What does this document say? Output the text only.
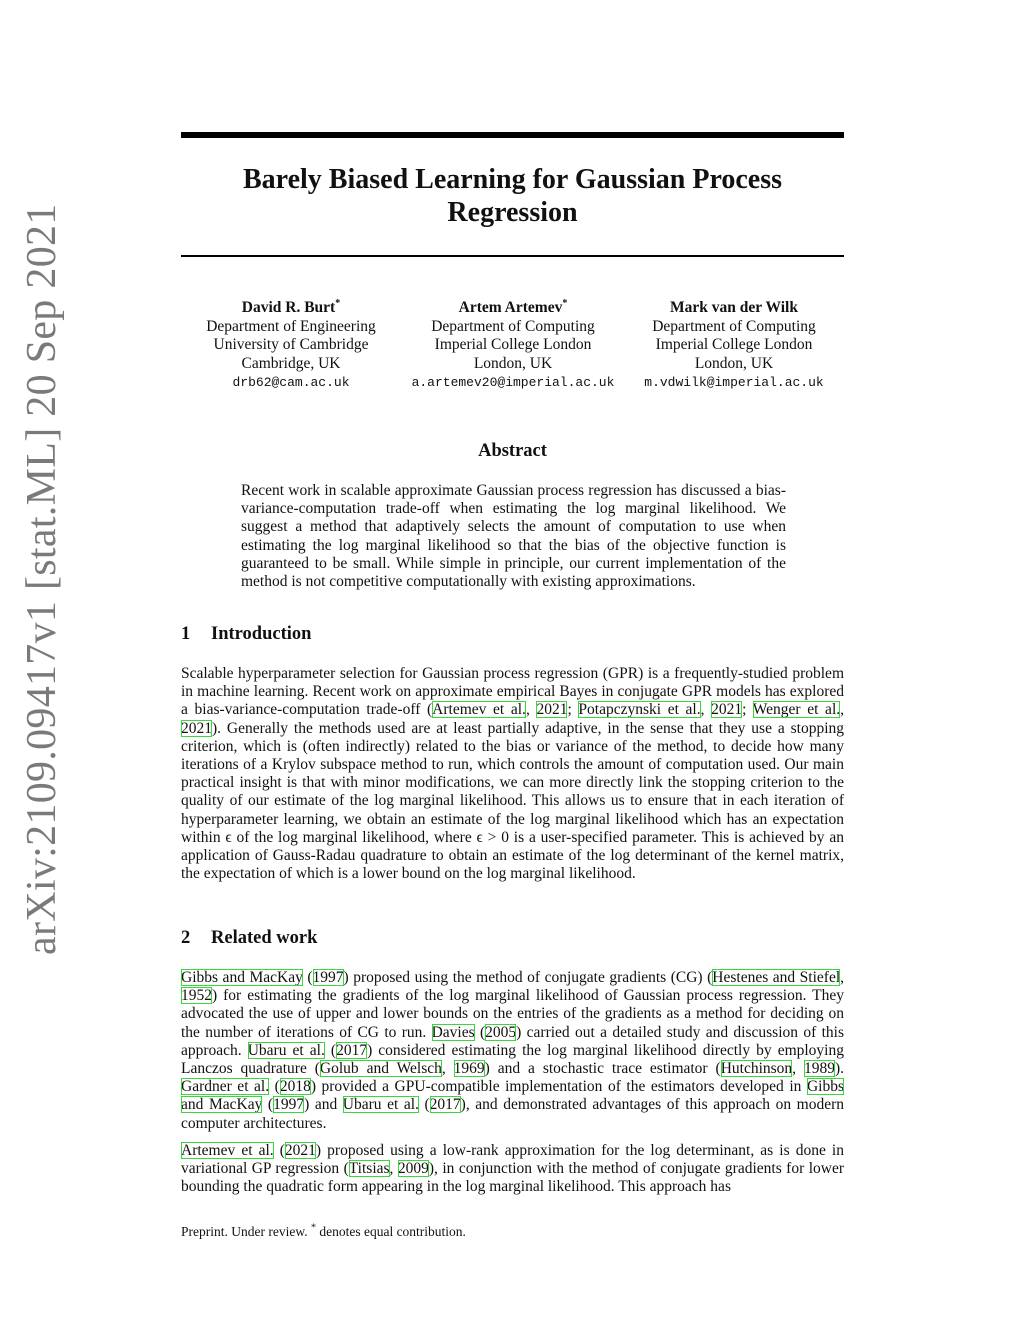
arXiv:2109.09417v1 [stat.ML] 20 Sep 2021
Barely Biased Learning for Gaussian Process Regression
David R. Burt*
Department of Engineering
University of Cambridge
Cambridge, UK
drb62@cam.ac.uk
Artem Artemev*
Department of Computing
Imperial College London
London, UK
a.artemev20@imperial.ac.uk
Mark van der Wilk
Department of Computing
Imperial College London
London, UK
m.vdwilk@imperial.ac.uk
Abstract
Recent work in scalable approximate Gaussian process regression has discussed a bias-variance-computation trade-off when estimating the log marginal likelihood. We suggest a method that adaptively selects the amount of computation to use when estimating the log marginal likelihood so that the bias of the objective function is guaranteed to be small. While simple in principle, our current implementation of the method is not competitive computationally with existing approximations.
1 Introduction
Scalable hyperparameter selection for Gaussian process regression (GPR) is a frequently-studied problem in machine learning. Recent work on approximate empirical Bayes in conjugate GPR models has explored a bias-variance-computation trade-off (Artemev et al., 2021; Potapczynski et al., 2021; Wenger et al., 2021). Generally the methods used are at least partially adaptive, in the sense that they use a stopping criterion, which is (often indirectly) related to the bias or variance of the method, to decide how many iterations of a Krylov subspace method to run, which controls the amount of computation used. Our main practical insight is that with minor modifications, we can more directly link the stopping criterion to the quality of our estimate of the log marginal likelihood. This allows us to ensure that in each iteration of hyperparameter learning, we obtain an estimate of the log marginal likelihood which has an expectation within ϵ of the log marginal likelihood, where ϵ > 0 is a user-specified parameter. This is achieved by an application of Gauss-Radau quadrature to obtain an estimate of the log determinant of the kernel matrix, the expectation of which is a lower bound on the log marginal likelihood.
2 Related work
Gibbs and MacKay (1997) proposed using the method of conjugate gradients (CG) (Hestenes and Stiefel, 1952) for estimating the gradients of the log marginal likelihood of Gaussian process regression. They advocated the use of upper and lower bounds on the entries of the gradients as a method for deciding on the number of iterations of CG to run. Davies (2005) carried out a detailed study and discussion of this approach. Ubaru et al. (2017) considered estimating the log marginal likelihood directly by employing Lanczos quadrature (Golub and Welsch, 1969) and a stochastic trace estimator (Hutchinson, 1989). Gardner et al. (2018) provided a GPU-compatible implementation of the estimators developed in Gibbs and MacKay (1997) and Ubaru et al. (2017), and demonstrated advantages of this approach on modern computer architectures.
Artemev et al. (2021) proposed using a low-rank approximation for the log determinant, as is done in variational GP regression (Titsias, 2009), in conjunction with the method of conjugate gradients for lower bounding the quadratic form appearing in the log marginal likelihood. This approach has
Preprint. Under review. * denotes equal contribution.
